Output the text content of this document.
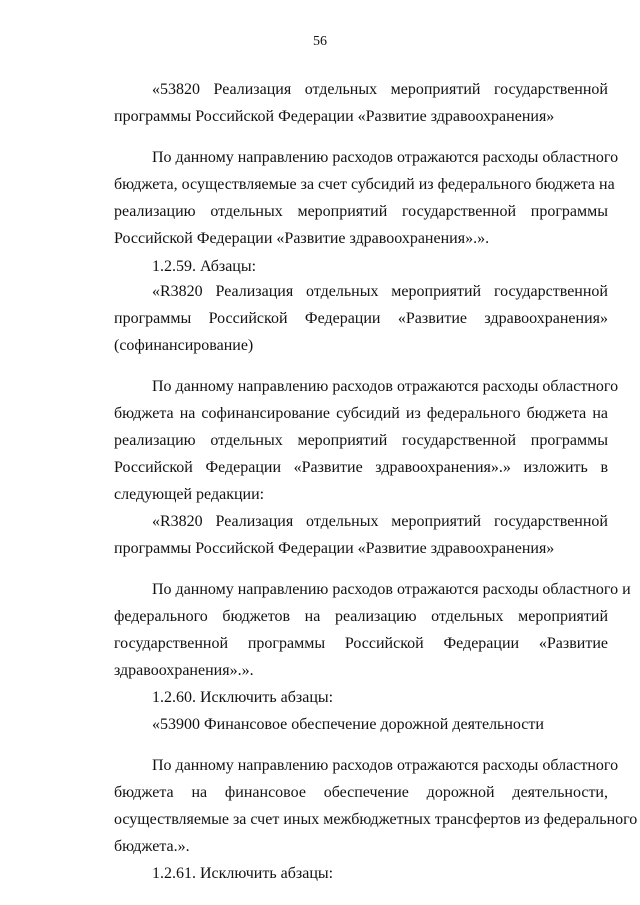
56
«53820 Реализация отдельных мероприятий государственной
программы Российской Федерации «Развитие здравоохранения»
По данному направлению расходов отражаются расходы областного
бюджета, осуществляемые за счет субсидий из федерального бюджета на
реализацию отдельных мероприятий государственной программы
Российской Федерации «Развитие здравоохранения».».
1.2.59. Абзацы:
«R3820 Реализация отдельных мероприятий государственной
программы Российской Федерации «Развитие здравоохранения»
(софинансирование)
По данному направлению расходов отражаются расходы областного
бюджета на софинансирование субсидий из федерального бюджета на
реализацию отдельных мероприятий государственной программы
Российской Федерации «Развитие здравоохранения».» изложить в
следующей редакции:
«R3820 Реализация отдельных мероприятий государственной
программы Российской Федерации «Развитие здравоохранения»
По данному направлению расходов отражаются расходы областного и
федерального бюджетов на реализацию отдельных мероприятий
государственной программы Российской Федерации «Развитие
здравоохранения».».
1.2.60. Исключить абзацы:
«53900 Финансовое обеспечение дорожной деятельности
По данному направлению расходов отражаются расходы областного
бюджета на финансовое обеспечение дорожной деятельности,
осуществляемые за счет иных межбюджетных трансфертов из федерального
бюджета.».
1.2.61. Исключить абзацы:
